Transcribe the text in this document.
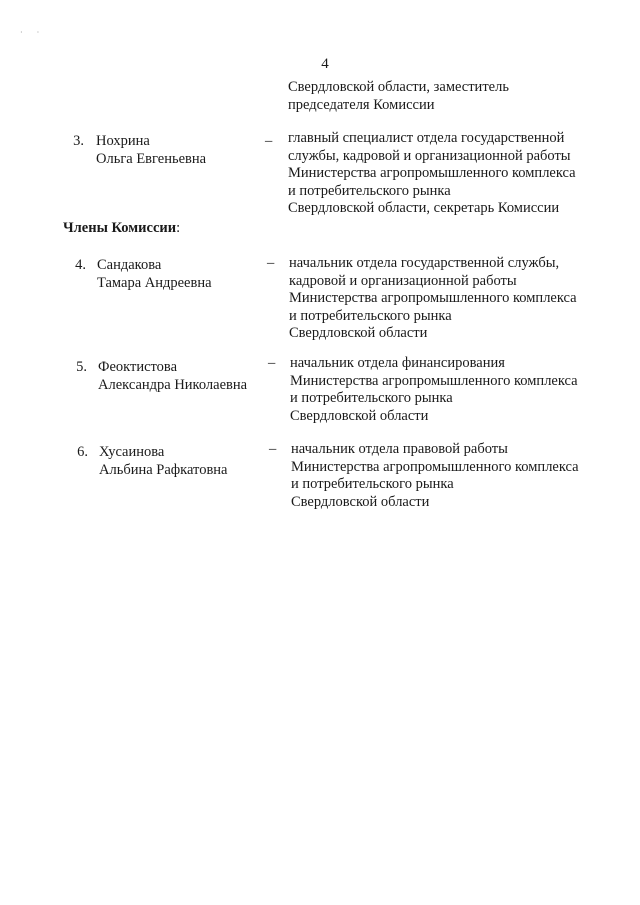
· ·
4
Свердловской области, заместитель
председателя Комиссии
3. Нохрина
Ольга Евгеньевна
– главный специалист отдела государственной
службы, кадровой и организационной работы
Министерства агропромышленного комплекса
и потребительского рынка
Свердловской области, секретарь Комиссии
Члены Комиссии:
4. Сандакова
Тамара Андреевна
– начальник отдела государственной службы,
кадровой и организационной работы
Министерства агропромышленного комплекса
и потребительского рынка
Свердловской области
5. Феоктистова
Александра Николаевна
– начальник отдела финансирования
Министерства агропромышленного комплекса
и потребительского рынка
Свердловской области
6. Хусаинова
Альбина Рафкатовна
– начальник отдела правовой работы
Министерства агропромышленного комплекса
и потребительского рынка
Свердловской области
